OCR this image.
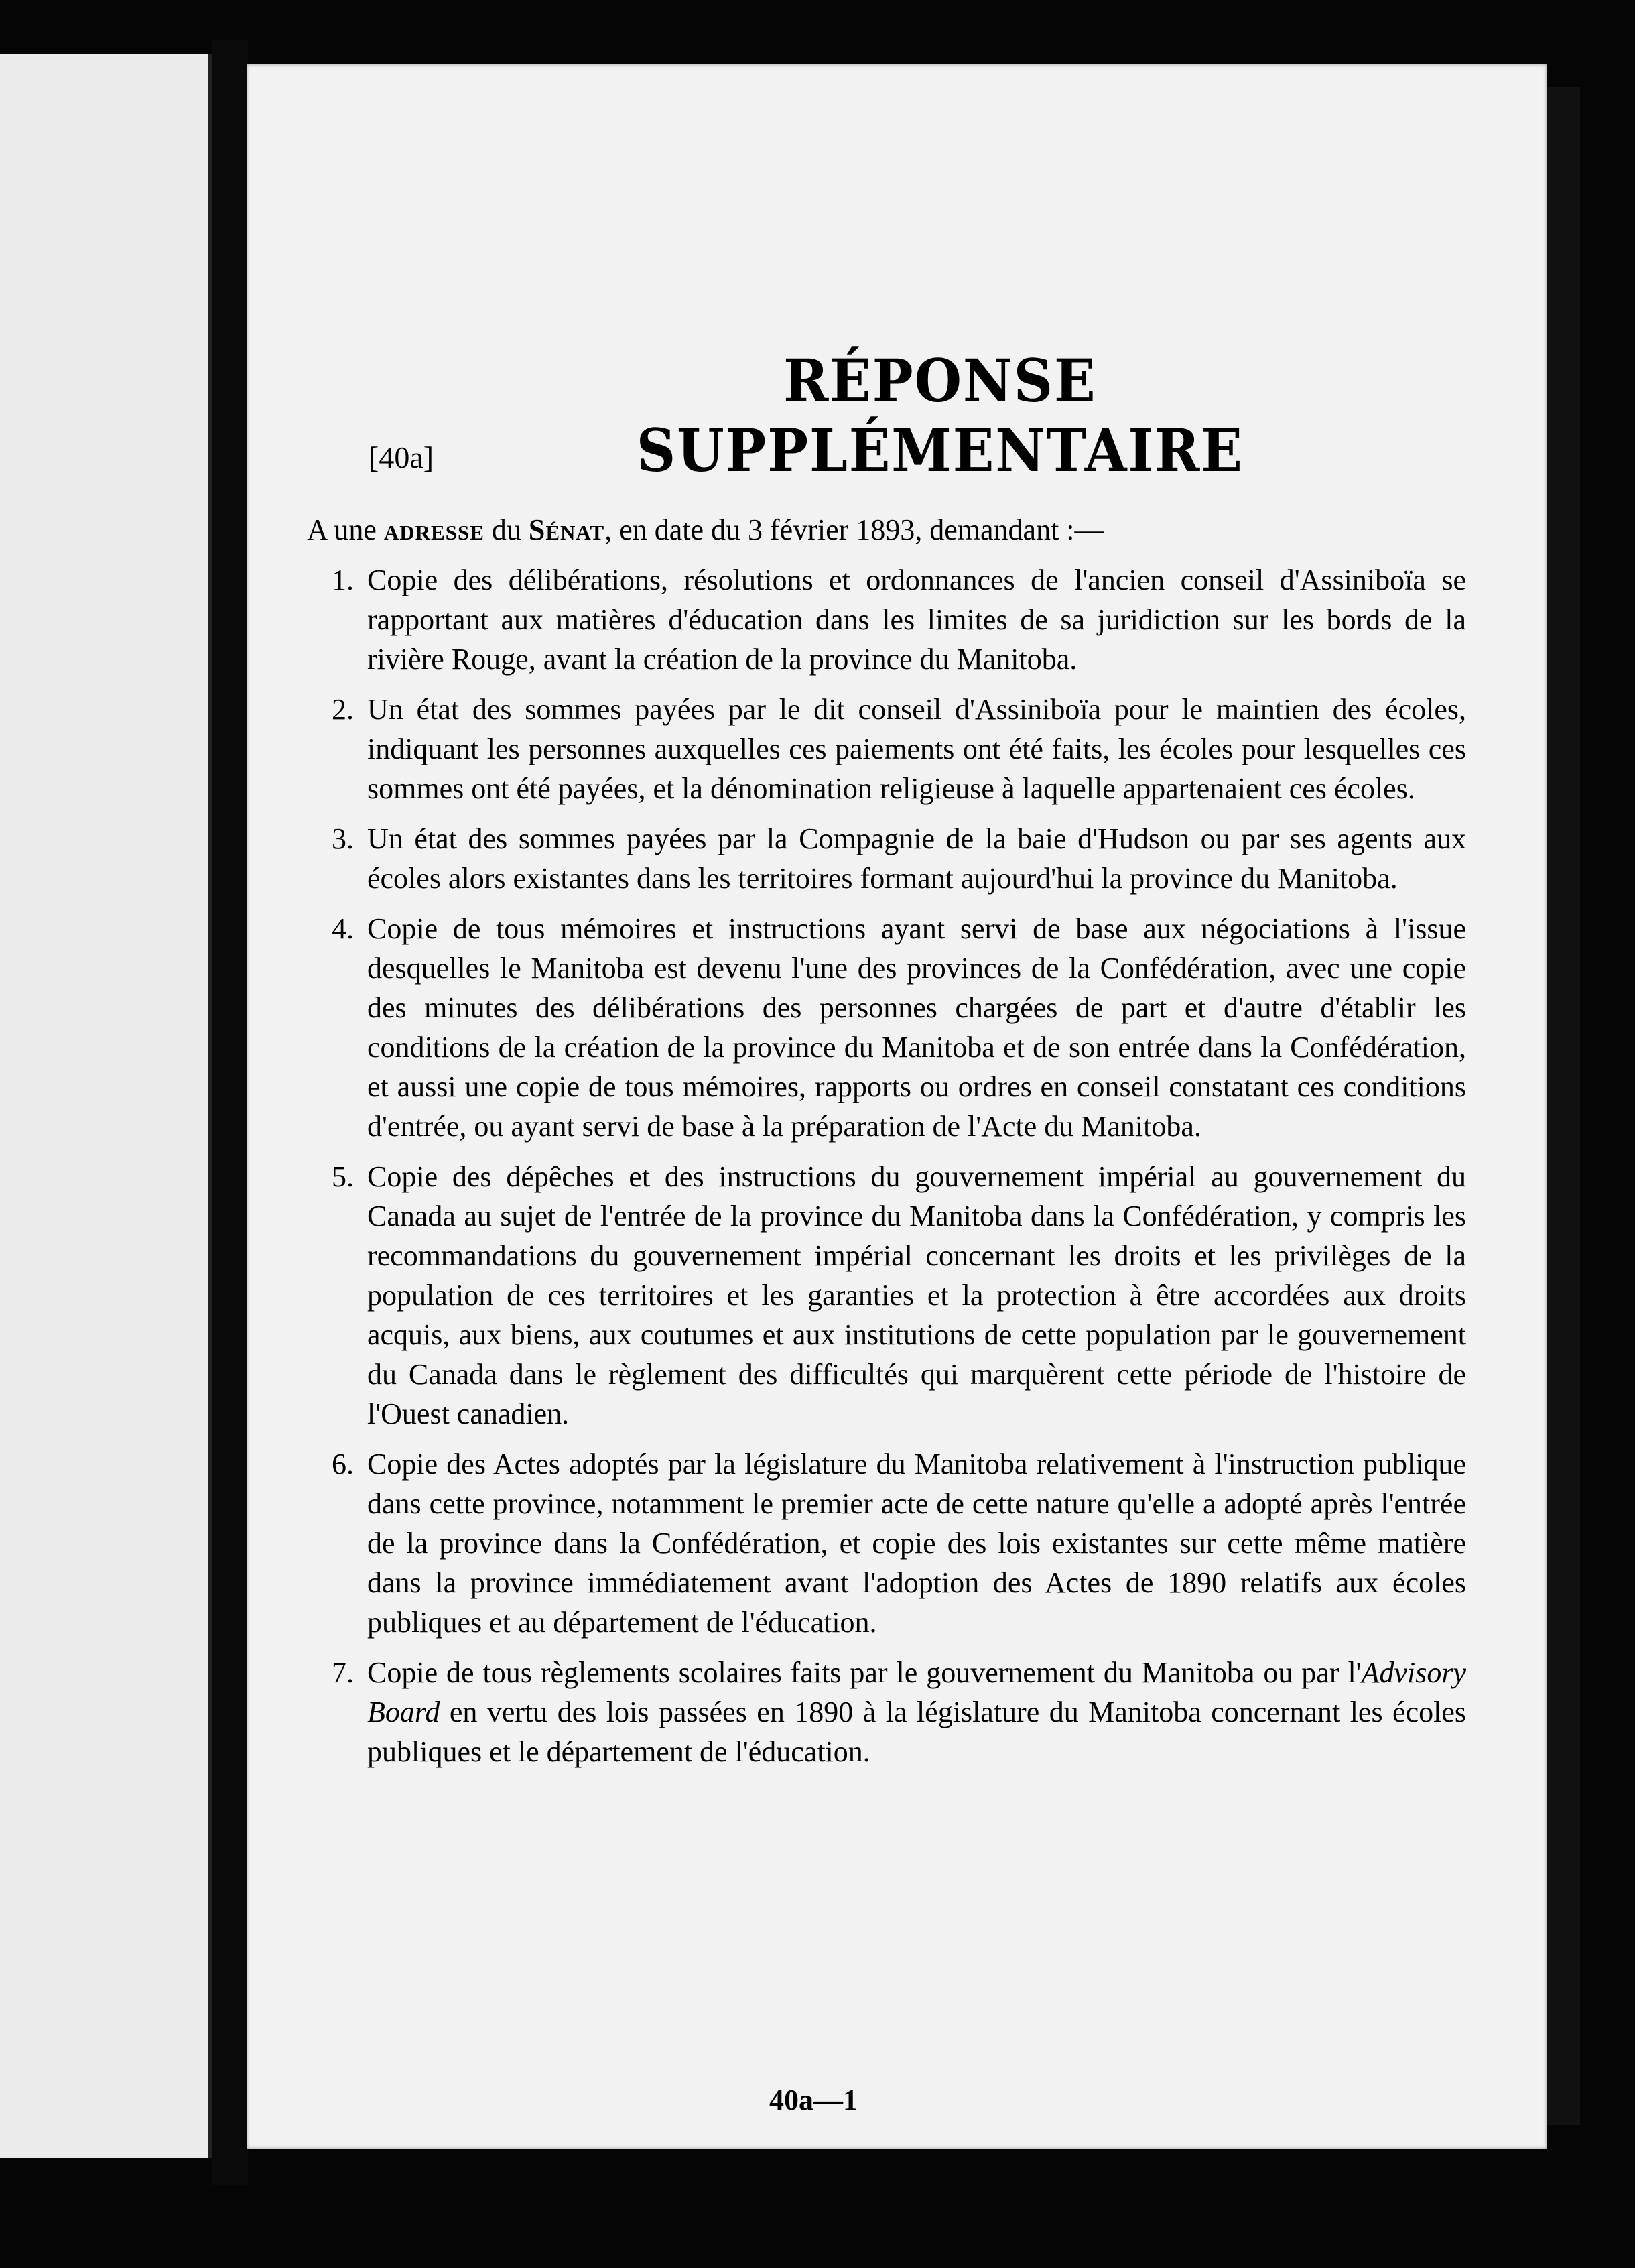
RÉPONSE SUPPLÉMENTAIRE
[40a]
A une adresse du Sénat, en date du 3 février 1893, demandant :—
1. Copie des délibérations, résolutions et ordonnances de l'ancien conseil d'Assiniboïa se rapportant aux matières d'éducation dans les limites de sa juridiction sur les bords de la rivière Rouge, avant la création de la province du Manitoba.
2. Un état des sommes payées par le dit conseil d'Assiniboïa pour le maintien des écoles, indiquant les personnes auxquelles ces paiements ont été faits, les écoles pour lesquelles ces sommes ont été payées, et la dénomination religieuse à laquelle appartenaient ces écoles.
3. Un état des sommes payées par la Compagnie de la baie d'Hudson ou par ses agents aux écoles alors existantes dans les territoires formant aujourd'hui la province du Manitoba.
4. Copie de tous mémoires et instructions ayant servi de base aux négociations à l'issue desquelles le Manitoba est devenu l'une des provinces de la Confédération, avec une copie des minutes des délibérations des personnes chargées de part et d'autre d'établir les conditions de la création de la province du Manitoba et de son entrée dans la Confédération, et aussi une copie de tous mémoires, rapports ou ordres en conseil constatant ces conditions d'entrée, ou ayant servi de base à la préparation de l'Acte du Manitoba.
5. Copie des dépêches et des instructions du gouvernement impérial au gouvernement du Canada au sujet de l'entrée de la province du Manitoba dans la Confédération, y compris les recommandations du gouvernement impérial concernant les droits et les privilèges de la population de ces territoires et les garanties et la protection à être accordées aux droits acquis, aux biens, aux coutumes et aux institutions de cette population par le gouvernement du Canada dans le règlement des difficultés qui marquèrent cette période de l'histoire de l'Ouest canadien.
6. Copie des Actes adoptés par la législature du Manitoba relativement à l'instruction publique dans cette province, notamment le premier acte de cette nature qu'elle a adopté après l'entrée de la province dans la Confédération, et copie des lois existantes sur cette même matière dans la province immédiatement avant l'adoption des Actes de 1890 relatifs aux écoles publiques et au département de l'éducation.
7. Copie de tous règlements scolaires faits par le gouvernement du Manitoba ou par l'Advisory Board en vertu des lois passées en 1890 à la législature du Manitoba concernant les écoles publiques et le département de l'éducation.
40a—1
